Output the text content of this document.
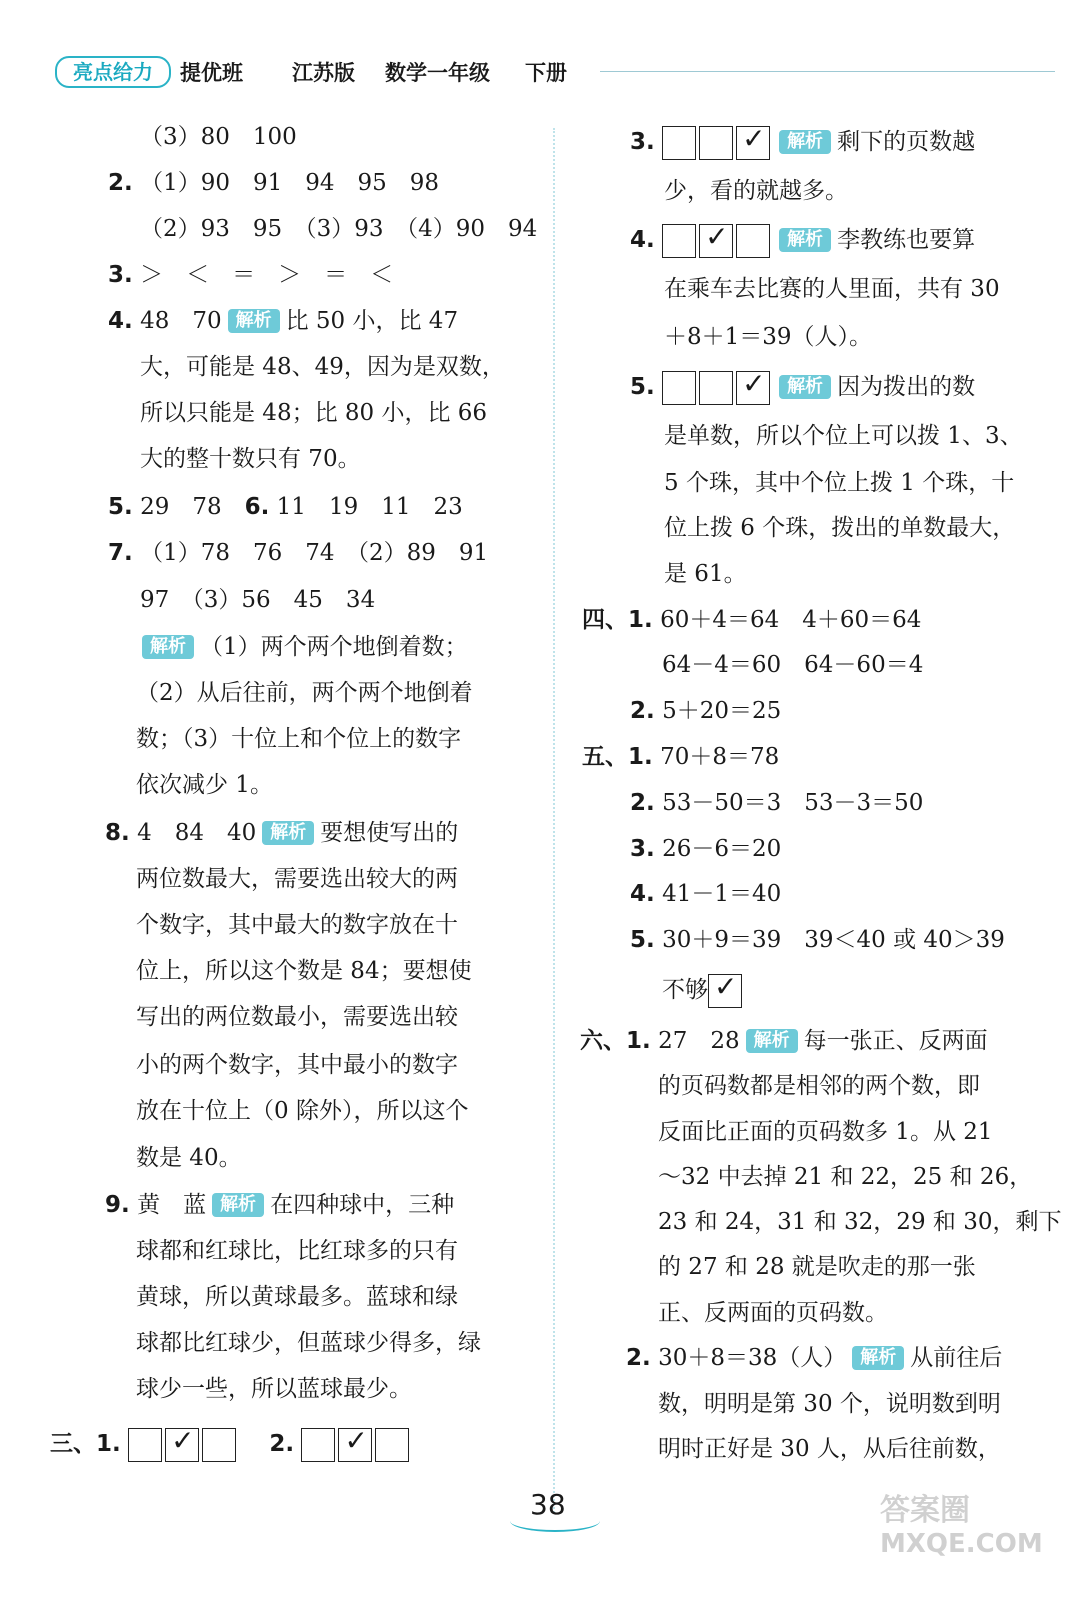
亮点给力	提优班 江苏版 数学一年级 下册
（3）80　100
2. （1）90　91　94　95　98
（2）93　95　（3）93　（4）90　94
3. ＞　＜　＝　＞　＝　＜
4. 48　70 解析 比 50 小，比 47
大，可能是 48、49，因为是双数，
所以只能是 48；比 80 小，比 66
大的整十数只有 70。
5. 29　78　6. 11　19　11　23
7. （1）78　76　74　（2）89　91
97　（3）56　45　34
解析 （1）两个两个地倒着数；
（2）从后往前，两个两个地倒着
数；（3）十位上和个位上的数字
依次减少 1。
8. 4　84　40 解析 要想使写出的
两位数最大，需要选出较大的两
个数字，其中最大的数字放在十
位上，所以这个数是 84；要想使
写出的两位数最小，需要选出较
小的两个数字，其中最小的数字
放在十位上（0 除外），所以这个
数是 40。
9. 黄　蓝 解析 在四种球中，三种
球都和红球比，比红球多的只有
黄球，所以黄球最多。蓝球和绿
球都比红球少，但蓝球少得多，绿
球少一些，所以蓝球最少。
3. ✓	解析 剩下的页数越
少，看的就越多。
4. ✓	解析 李教练也要算
在乘车去比赛的人里面，共有 30
＋8＋1＝39（人）。
5. ✓	解析 因为拨出的数
是单数，所以个位上可以拨 1、3、
5 个珠，其中个位上拨 1 个珠，十
位上拨 6 个珠，拨出的单数最大，
是 61。
四、1. 60＋4＝64　4＋60＝64
64－4＝60　64－60＝4
2. 5＋20＝25
五、1. 70＋8＝78
2. 53－50＝3　53－3＝50
3. 26－6＝20
4. 41－1＝40
5. 30＋9＝39　39＜40 或 40＞39
不够 ✓
六、1. 27　28 解析 每一张正、反两面
的页码数都是相邻的两个数，即
反面比正面的页码数多 1。从 21
～32 中去掉 21 和 22，25 和 26，
23 和 24，31 和 32，29 和 30，剩下
的 27 和 28 就是吹走的那一张
正、反两面的页码数。
2. 30＋8＝38（人） 解析 从前往后
数，明明是第 30 个，说明数到明
明时正好是 30 人，从后往前数，
三、1. ✓　	2.  ✓
38	答案圈
MXQE.COM
